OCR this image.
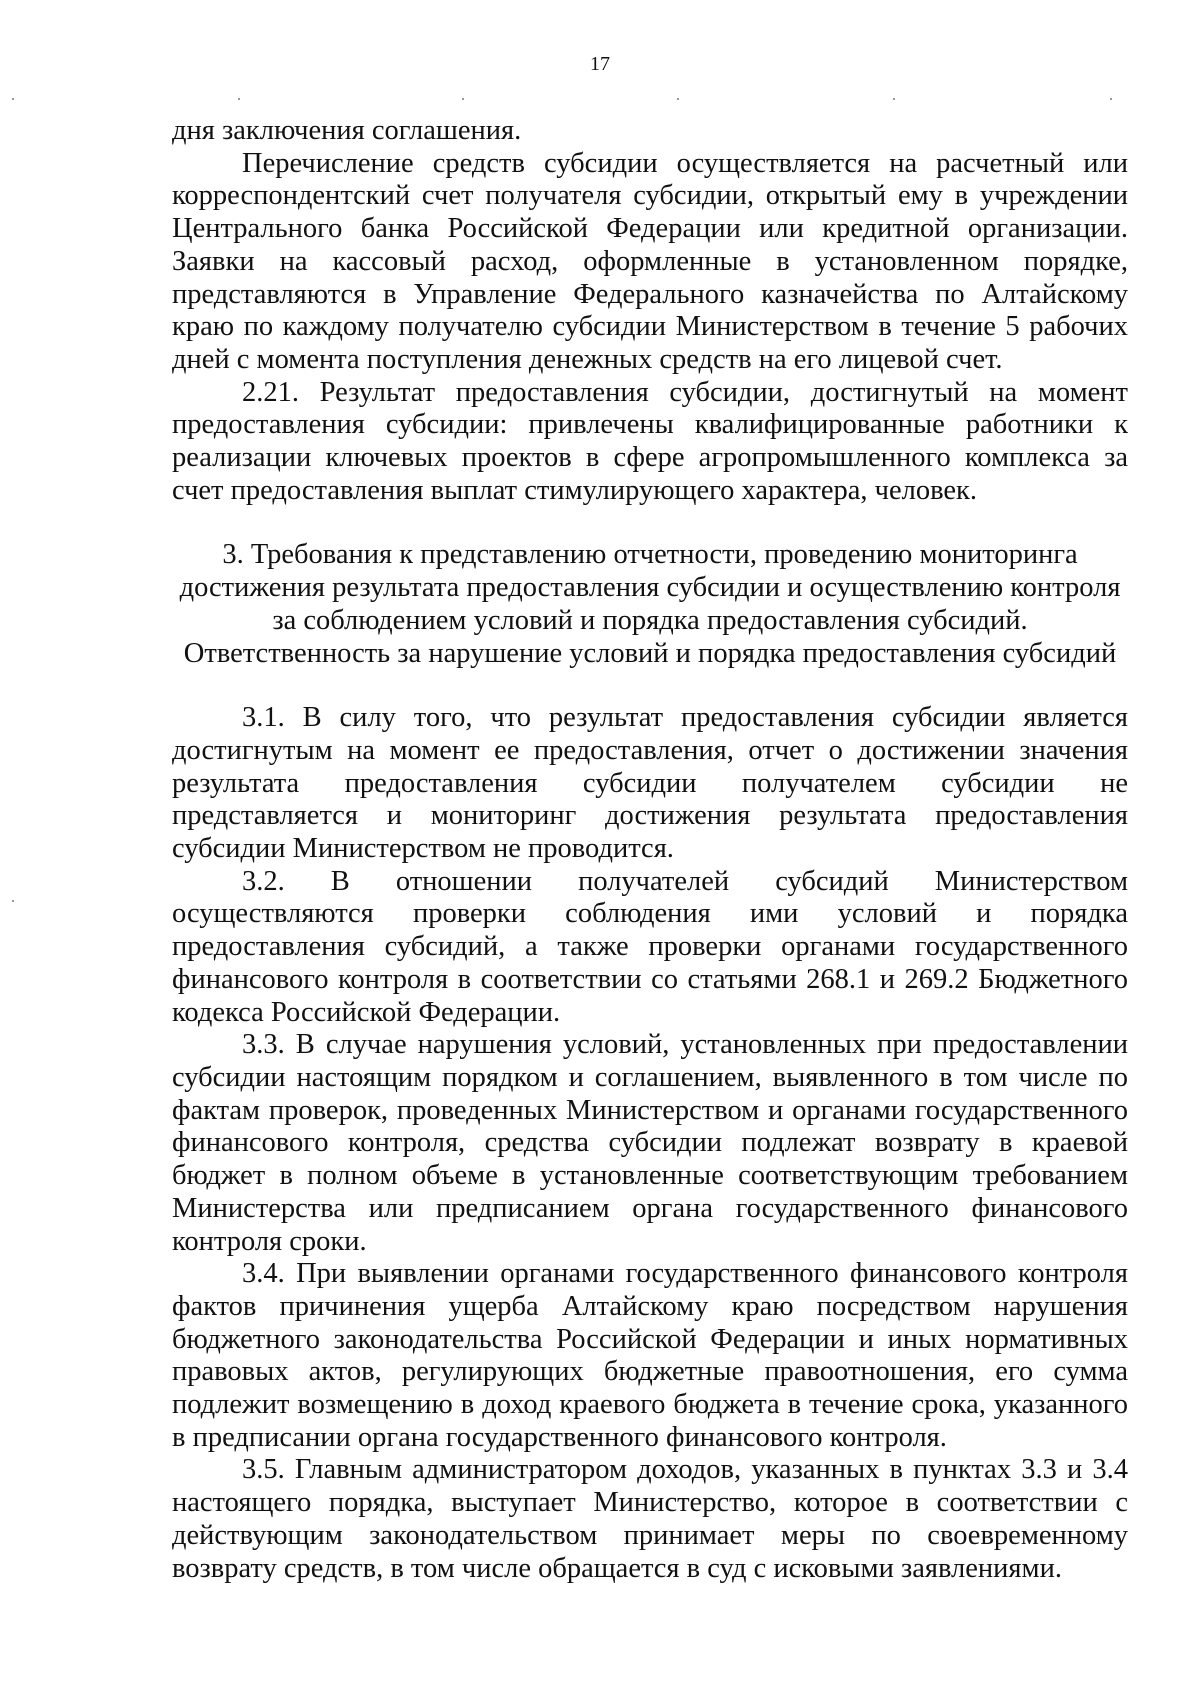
17

дня заключения соглашения.

Перечисление средств субсидии осуществляется на расчетный или корреспондентский счет получателя субсидии, открытый ему в учреждении Центрального банка Российской Федерации или кредитной организации. Заявки на кассовый расход, оформленные в установленном порядке, представляются в Управление Федерального казначейства по Алтайскому краю по каждому получателю субсидии Министерством в течение 5 рабочих дней с момента поступления денежных средств на его лицевой счет.

2.21. Результат предоставления субсидии, достигнутый на момент предоставления субсидии: привлечены квалифицированные работники к реализации ключевых проектов в сфере агропромышленного комплекса за счет предоставления выплат стимулирующего характера, человек.

3. Требования к представлению отчетности, проведению мониторинга
достижения результата предоставления субсидии и осуществлению контроля
за соблюдением условий и порядка предоставления субсидий.
Ответственность за нарушение условий и порядка предоставления субсидий

3.1. В силу того, что результат предоставления субсидии является достигнутым на момент ее предоставления, отчет о достижении значения результата предоставления субсидии получателем субсидии не представляется и мониторинг достижения результата предоставления субсидии Министерством не проводится.

3.2. В отношении получателей субсидий Министерством осуществляются проверки соблюдения ими условий и порядка предоставления субсидий, а также проверки органами государственного финансового контроля в соответствии со статьями 268.1 и 269.2 Бюджетного кодекса Российской Федерации.

3.3. В случае нарушения условий, установленных при предоставлении субсидии настоящим порядком и соглашением, выявленного в том числе по фактам проверок, проведенных Министерством и органами государственного финансового контроля, средства субсидии подлежат возврату в краевой бюджет в полном объеме в установленные соответствующим требованием Министерства или предписанием органа государственного финансового контроля сроки.

3.4. При выявлении органами государственного финансового контроля фактов причинения ущерба Алтайскому краю посредством нарушения бюджетного законодательства Российской Федерации и иных нормативных правовых актов, регулирующих бюджетные правоотношения, его сумма подлежит возмещению в доход краевого бюджета в течение срока, указанного в предписании органа государственного финансового контроля.

3.5. Главным администратором доходов, указанных в пунктах 3.3 и 3.4 настоящего порядка, выступает Министерство, которое в соответствии с действующим законодательством принимает меры по своевременному возврату средств, в том числе обращается в суд с исковыми заявлениями.
